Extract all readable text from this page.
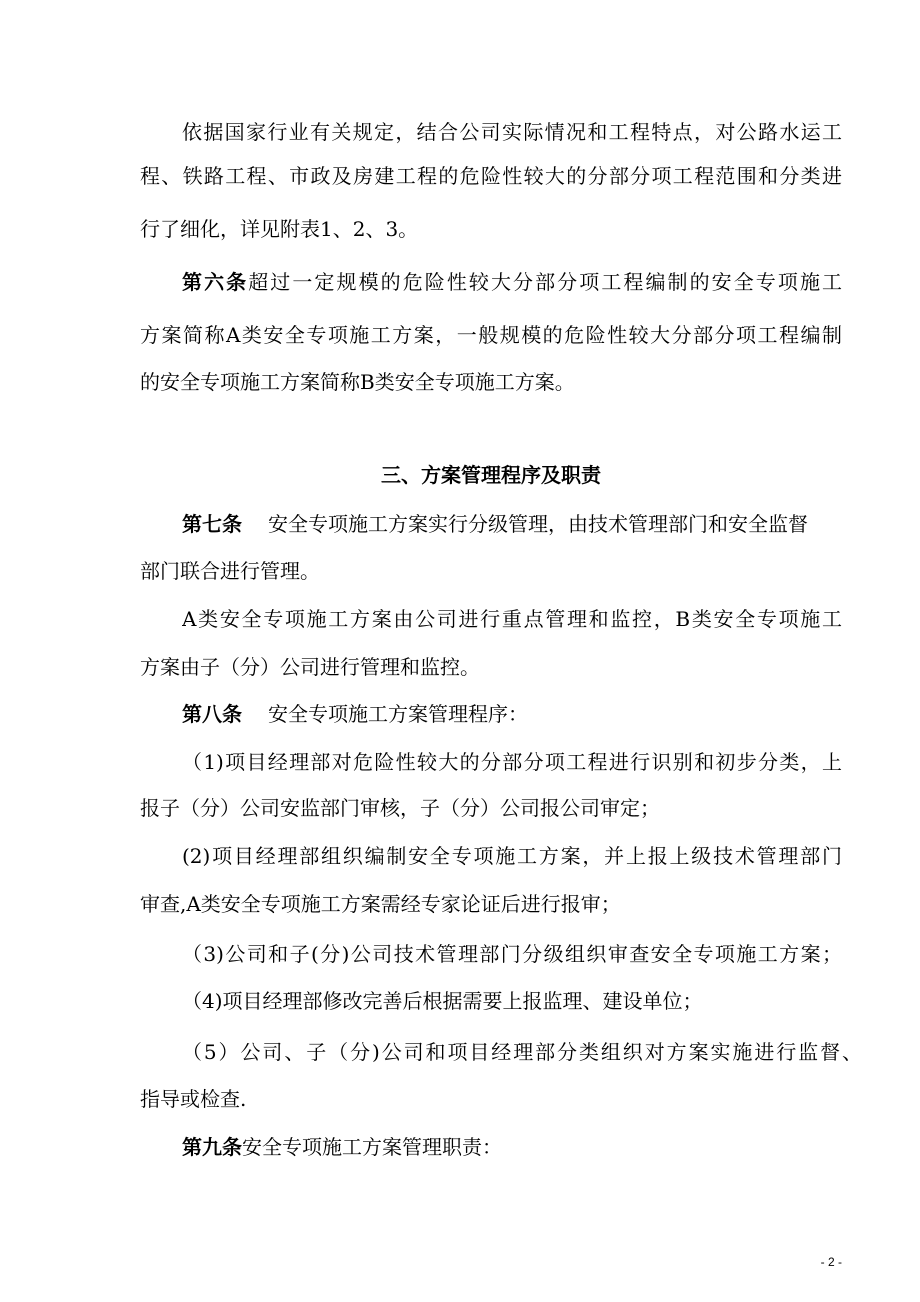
依据国家行业有关规定，结合公司实际情况和工程特点，对公路水运工
程、铁路工程、市政及房建工程的危险性较大的分部分项工程范围和分类进
行了细化，详见附表1、2、3。
第六条超过一定规模的危险性较大分部分项工程编制的安全专项施工
方案简称A类安全专项施工方案，一般规模的危险性较大分部分项工程编制
的安全专项施工方案简称B类安全专项施工方案。
三、方案管理程序及职责
第七条 安全专项施工方案实行分级管理，由技术管理部门和安全监督
部门联合进行管理。
A类安全专项施工方案由公司进行重点管理和监控，B类安全专项施工
方案由子（分）公司进行管理和监控。
第八条 安全专项施工方案管理程序：
（1)项目经理部对危险性较大的分部分项工程进行识别和初步分类，上
报子（分）公司安监部门审核，子（分）公司报公司审定；
(2)项目经理部组织编制安全专项施工方案，并上报上级技术管理部门
审查,A类安全专项施工方案需经专家论证后进行报审；
（3)公司和子(分)公司技术管理部门分级组织审查安全专项施工方案；
（4)项目经理部修改完善后根据需要上报监理、建设单位；
（5）公司、子（分)公司和项目经理部分类组织对方案实施进行监督、
指导或检查.
第九条安全专项施工方案管理职责：
- 2 -
